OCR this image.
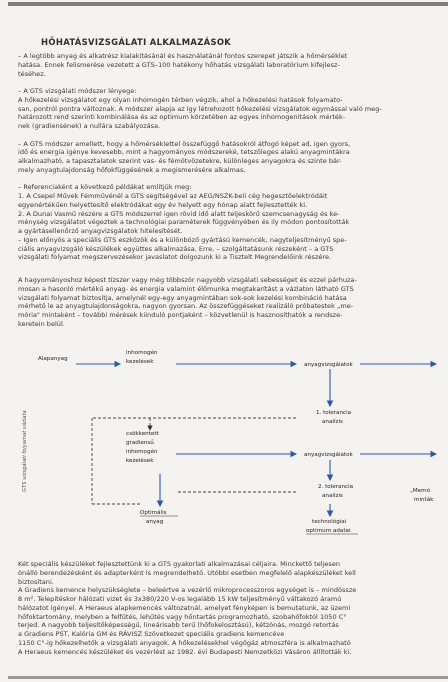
HŐHATÁSVIZSGÁLATI ALKALMAZÁSOK
– A legtöbb anyag és alkatrész kialakításánál és használatánál fontos szerepet játszik a hőmérséklet
hatása. Ennek felismerése vezetett a GTS–100 hatékony hőhatás vizsgálati laboratórium kifejlesz-
téséhez.
– A GTS vizsgálati módszer lényege:
A hőkezelési vizsgálatot egy olyan inhomogén térben végzik, ahol a hőkezelési hatások folyamato-
san, pontról pontra változnak. A módszer alapja az így létrehozott hőkezelési vizsgálatok egymással való meg-
határozott rend szerinti kombinálása és az optimum körzetében az egyes inhomogenitások mérték-
nek (gradiensének) a nullára szabályozása.
– A GTS módszer amellett, hogy a hőmérséklettel összefüggő hatásokról átfogó képet ad, igen gyors,
idő és energia igénye kevesebb, mint a hagyományos módszereké, tetszőleges alakú anyagmintákra
alkalmazható, a tapasztalatok szerint vas- és fémötvözetekre, különleges anyagokra és szinte bár-
mely anyagtulajdonság hőfokfüggésének a megismerésére alkalmas.
– Referenciaként a következő példákat említjük meg:
1. A Csepel Művek Fémművénél a GTS segítségével az AEG/NSZK-beli cég hegesztőelektródáit
egyenértékűen helyettesítő elektródákat egy év helyett egy hónap alatt fejlesztették ki.
2. A Dunai Vasmű részére a GTS módszerrel igen rövid idő alatt teljeskörű szemcsenagyság és ke-
ménység vizsgálatot végeztek a technológiai paraméterek függvényében és ily módon pontosították
a gyártásellenőrző anyagvizsgálatok hitelesítését.
– Igen előnyös a speciális GTS eszközök és a különböző gyártású kemencék, nagyteljesítményű spe-
ciális anyagvizsgáló készülékek együttes alkalmazása. Erre, – szolgáltatásunk részeként – a GTS
vizsgálati folyamat megszervezésekor javaslatot dolgozunk ki a Tisztelt Megrendelőink részére.
A hagyományoshoz képest tízszer vagy még többször nagyobb vizsgálati sebességet és ezzel párhuza-
mosan a hasonló mértékű anyag- és energia valamint élőmunka megtakarítást a vázlaton látható GTS
vizsgálati folyamat biztosítja, amelynél egy-egy anyagmintában sok-sok kezelési kombináció hatása
mérhető le az anyagtulajdonságokra, nagyon gyorsan. Az összefüggéseket realizáló próbatestek „me-
mória" mintaként – további mérések kiinduló pontjaként – közvetlenül is hasznosíthatók a rendsze-
keretein belül.
GTS vizsgálati folyamat vázlata
Alapanyag
inhomogén
kezelések	anyagvizsgálatok
1. tolerancia
analízis
csökkentett
gradiensű
inhomogén
kezelések
anyagvizsgálatok
2. tolerancia
analízis
Optimális
anyag	technológiai
optimum adatai
„Memó
minták
Két speciális készüléket fejlesztettünk ki a GTS gyakorlati alkalmazásai céljaira. Minckettő teljesen
önálló berendezésként és adapterként is megrendelhető. Utóbbi esetben megfelelő alapkészüléket kell
biztosítani.
A Gradiens kemence helyszükséglete – beleértve a vezérlő mikroprocesszoros egységet is – mindössze
8 m². Telepítéskor hálózati vizet és 3x380/220 V-os legalább 15 kW teljesítményű váltakozó áramú
hálózatot igényel. A Heraeus alapkemencés változatnál, amelyet fényképen is bemutatunk, az üzemi
hőfoktartomány, melyben a felfűtés, lehűtés vagy hőntartás programozható, szobahőfoktól 1050 C°
terjed. A nagyobb teljesítőképességű, lineárisabb terű (hőfokelosztású), kétzónás, mozgó retortás
a Gradiens PST, Kalória GM és RÁVISZ Szövetkezet speciális gradiens kemencéve
1150 C°-ig hőkezelhetők a vizsgálati anyagok. A hőkezelésekhel végőgáz atmoszféra is alkalmazható
A Heraeus kemencés készüléket és vezérlést az 1982. évi Budapesti Nemzetközi Vásáron állították ki.
